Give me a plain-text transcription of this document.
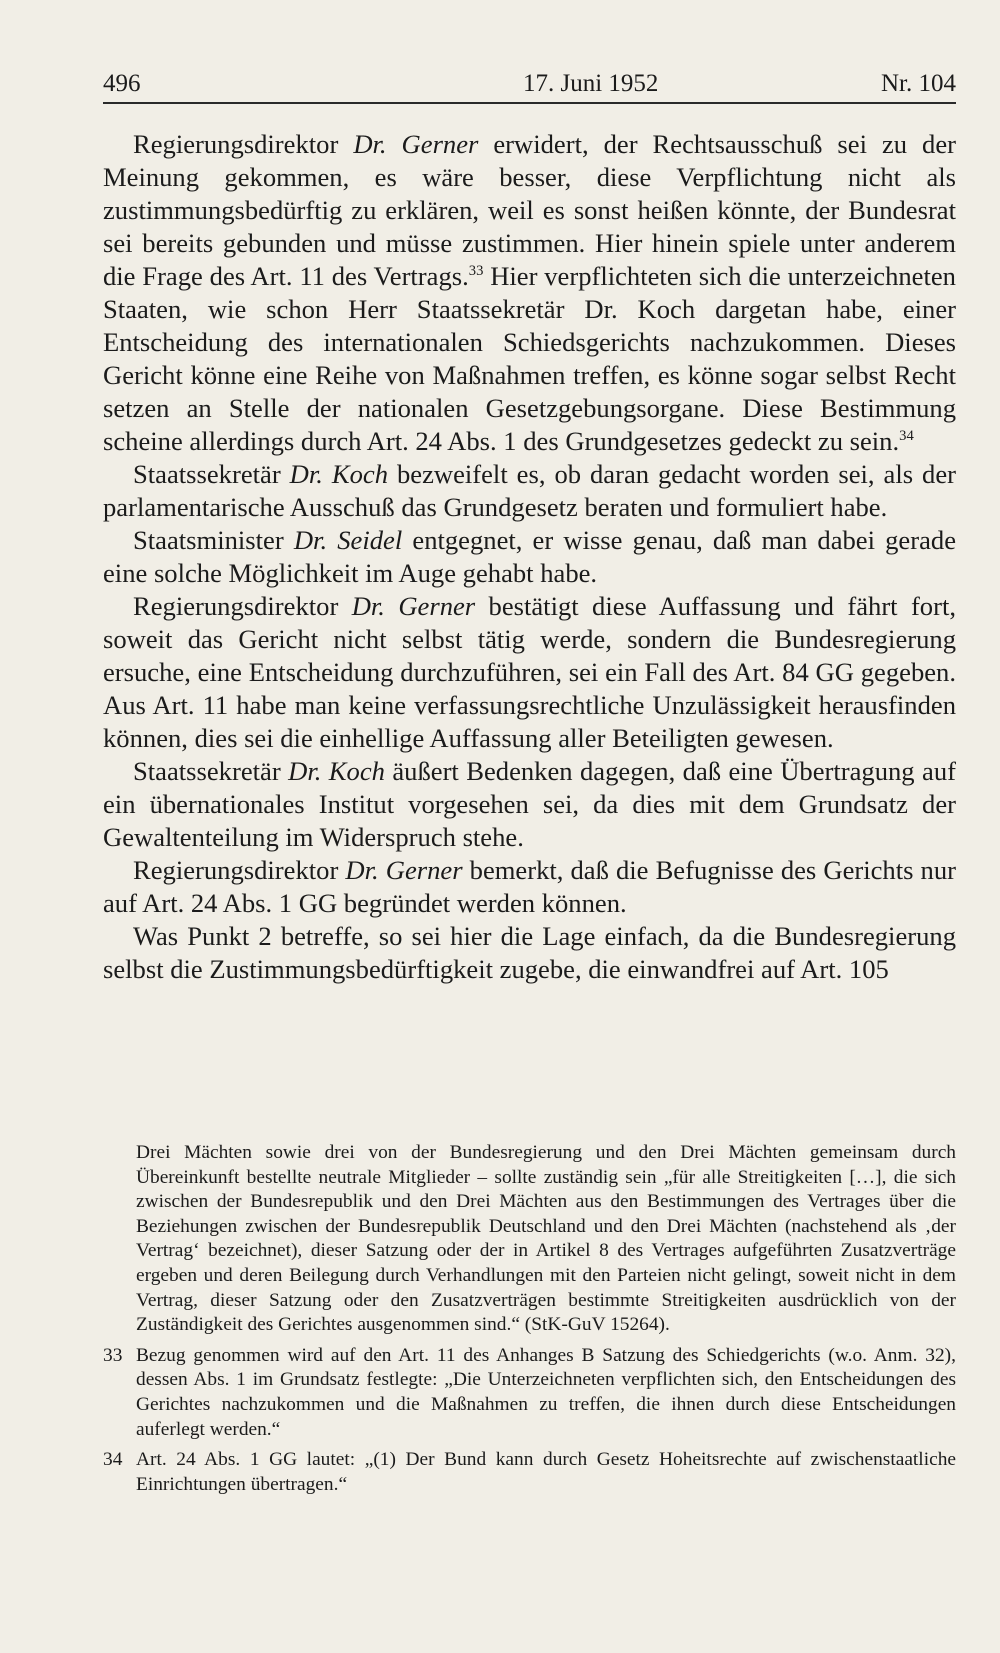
496	17. Juni 1952	Nr. 104

Regierungsdirektor Dr. Gerner erwidert, der Rechtsausschuß sei zu der Meinung gekommen, es wäre besser, diese Verpflichtung nicht als zustimmungsbedürftig zu erklären, weil es sonst heißen könnte, der Bundesrat sei bereits gebunden und müsse zustimmen. Hier hinein spiele unter anderem die Frage des Art. 11 des Vertrags.$^{33}$ Hier verpflichteten sich die unterzeichneten Staaten, wie schon Herr Staatssekretär Dr. Koch dargetan habe, einer Entscheidung des internationalen Schiedsgerichts nachzukommen. Dieses Gericht könne eine Reihe von Maßnahmen treffen, es könne sogar selbst Recht setzen an Stelle der nationalen Gesetzgebungsorgane. Diese Bestimmung scheine allerdings durch Art. 24 Abs. 1 des Grundgesetzes gedeckt zu sein.$^{34}$

Staatssekretär Dr. Koch bezweifelt es, ob daran gedacht worden sei, als der parlamentarische Ausschuß das Grundgesetz beraten und formuliert habe.

Staatsminister Dr. Seidel entgegnet, er wisse genau, daß man dabei gerade eine solche Möglichkeit im Auge gehabt habe.

Regierungsdirektor Dr. Gerner bestätigt diese Auffassung und fährt fort, soweit das Gericht nicht selbst tätig werde, sondern die Bundesregierung ersuche, eine Entscheidung durchzuführen, sei ein Fall des Art. 84 GG gegeben. Aus Art. 11 habe man keine verfassungsrechtliche Unzulässigkeit herausfinden können, dies sei die einhellige Auffassung aller Beteiligten gewesen.

Staatssekretär Dr. Koch äußert Bedenken dagegen, daß eine Übertragung auf ein übernationales Institut vorgesehen sei, da dies mit dem Grundsatz der Gewaltenteilung im Widerspruch stehe.

Regierungsdirektor Dr. Gerner bemerkt, daß die Befugnisse des Gerichts nur auf Art. 24 Abs. 1 GG begründet werden können.

Was Punkt 2 betreffe, so sei hier die Lage einfach, da die Bundesregierung selbst die Zustimmungsbedürftigkeit zugebe, die einwandfrei auf Art. 105

Drei Mächten sowie drei von der Bundesregierung und den Drei Mächten gemeinsam durch Übereinkunft bestellte neutrale Mitglieder – sollte zuständig sein „für alle Streitigkeiten […], die sich zwischen der Bundesrepublik und den Drei Mächten aus den Bestimmungen des Vertrages über die Beziehungen zwischen der Bundesrepublik Deutschland und den Drei Mächten (nachstehend als ‚der Vertrag‘ bezeichnet), dieser Satzung oder der in Artikel 8 des Vertrages aufgeführten Zusatzverträge ergeben und deren Beilegung durch Verhandlungen mit den Parteien nicht gelingt, soweit nicht in dem Vertrag, dieser Satzung oder den Zusatzverträgen bestimmte Streitigkeiten ausdrücklich von der Zuständigkeit des Gerichtes ausgenommen sind.“ (StK-GuV 15264).

33 Bezug genommen wird auf den Art. 11 des Anhanges B Satzung des Schiedgerichts (w.o. Anm. 32), dessen Abs. 1 im Grundsatz festlegte: „Die Unterzeichneten verpflichten sich, den Entscheidungen des Gerichtes nachzukommen und die Maßnahmen zu treffen, die ihnen durch diese Entscheidungen auferlegt werden.“
34 Art. 24 Abs. 1 GG lautet: „(1) Der Bund kann durch Gesetz Hoheitsrechte auf zwischenstaatliche Einrichtungen übertragen.“
